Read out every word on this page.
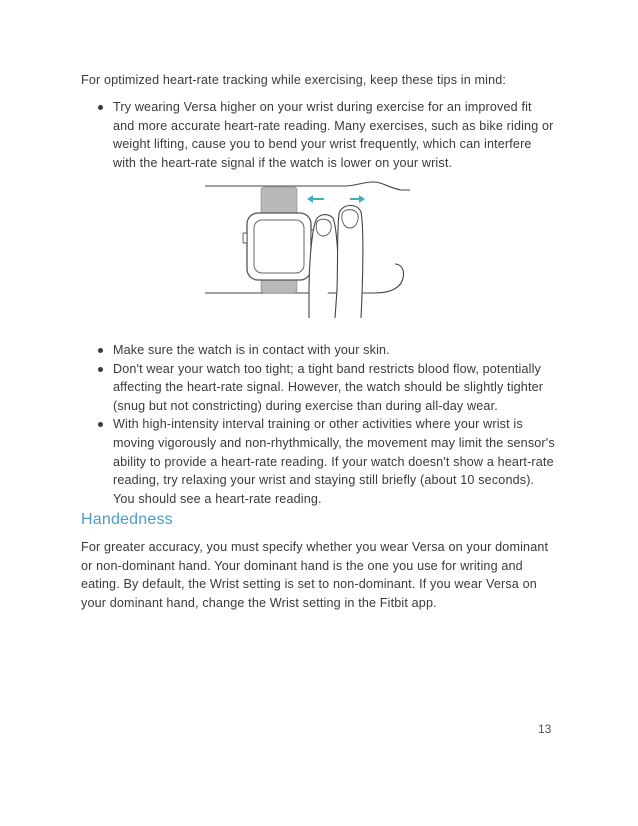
For optimized heart-rate tracking while exercising, keep these tips in mind:

Try wearing Versa higher on your wrist during exercise for an improved fit and more accurate heart-rate reading. Many exercises, such as bike riding or weight lifting, cause you to bend your wrist frequently, which can interfere with the heart-rate signal if the watch is lower on your wrist.
Make sure the watch is in contact with your skin.
Don't wear your watch too tight; a tight band restricts blood flow, potentially affecting the heart-rate signal. However, the watch should be slightly tighter (snug but not constricting) during exercise than during all-day wear.
With high-intensity interval training or other activities where your wrist is moving vigorously and non-rhythmically, the movement may limit the sensor's ability to provide a heart-rate reading. If your watch doesn't show a heart-rate reading, try relaxing your wrist and staying still briefly (about 10 seconds). You should see a heart-rate reading.
Handedness

For greater accuracy, you must specify whether you wear Versa on your dominant or non-dominant hand. Your dominant hand is the one you use for writing and eating. By default, the Wrist setting is set to non-dominant. If you wear Versa on your dominant hand, change the Wrist setting in the Fitbit app.

13
